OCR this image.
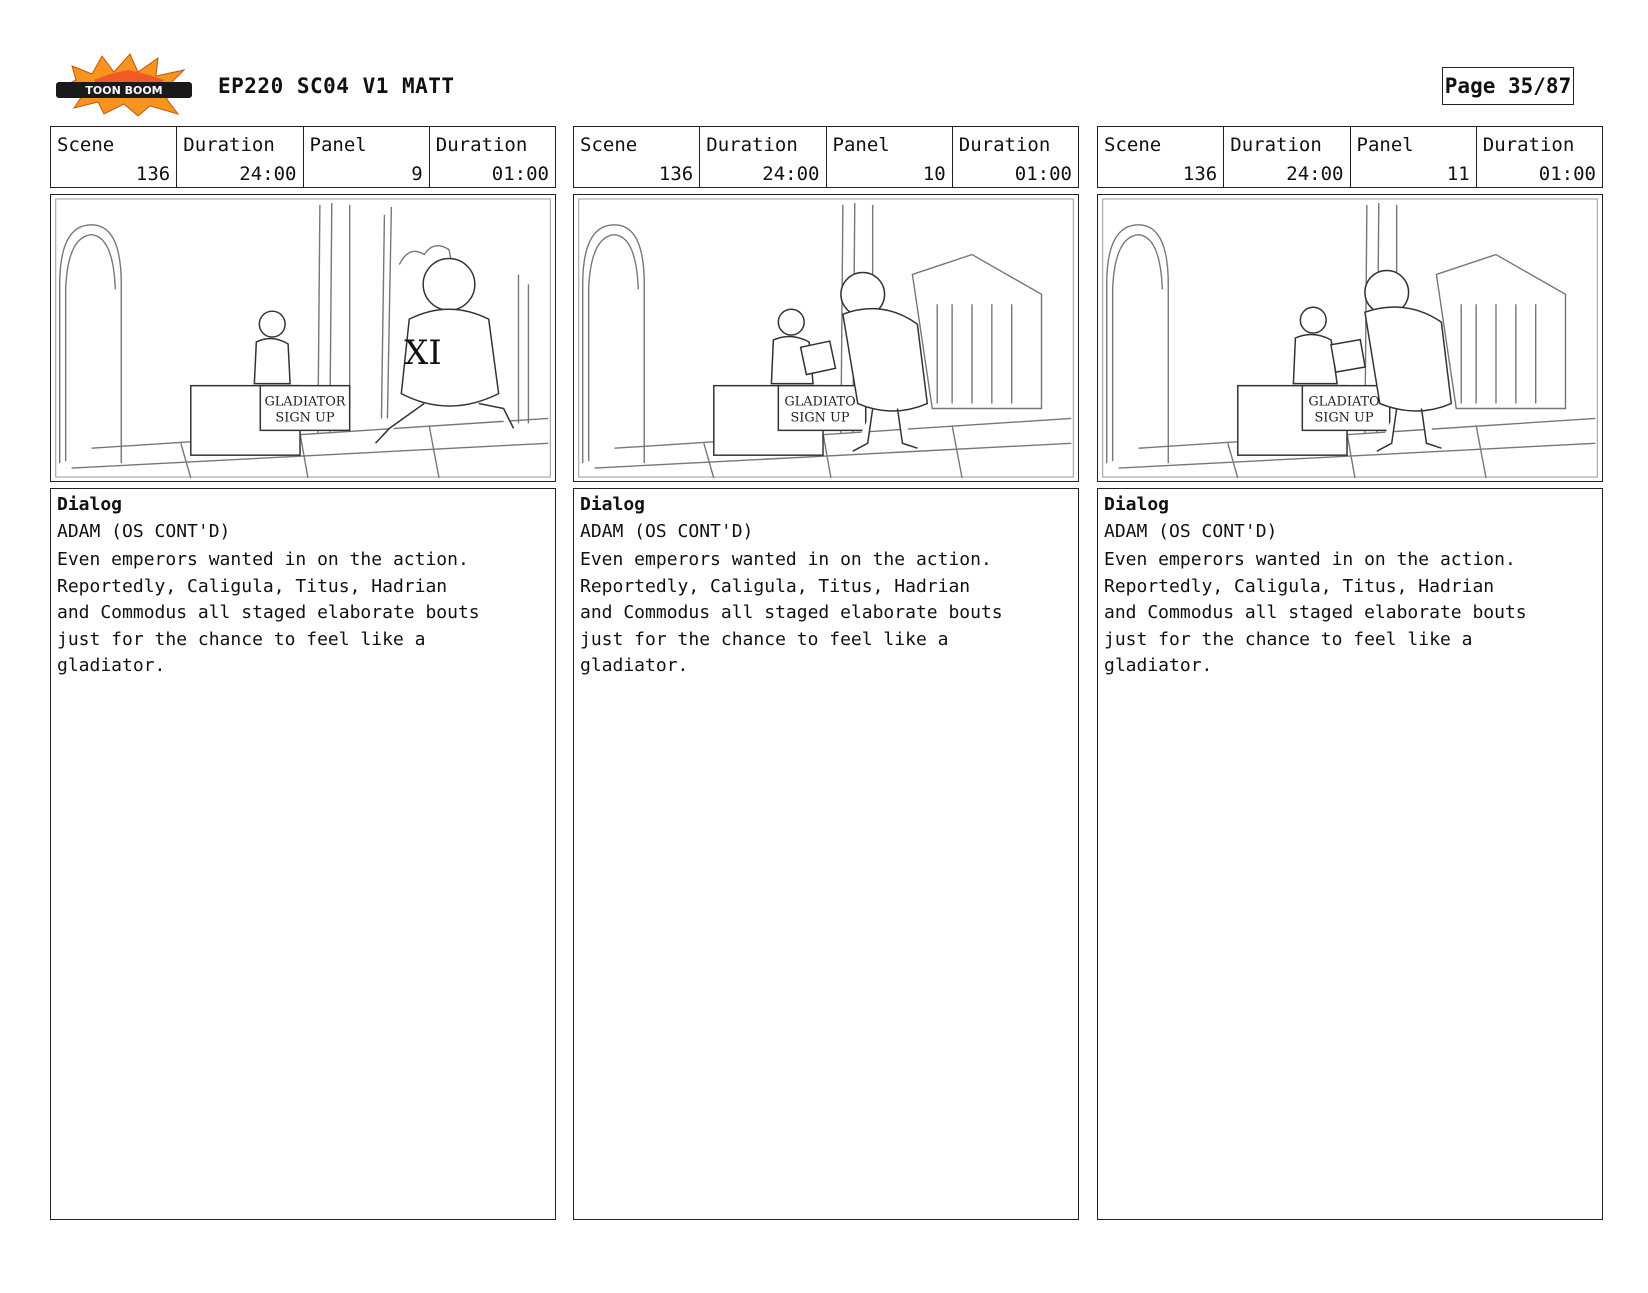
TOON BOOM	EP220 SC04 V1 MATT	Page 35/87
Scene
136
Duration
24:00
Panel
9
Duration
01:00
XI
GLADIATOR
SIGN UP
Dialog
ADAM (OS CONT'D)
Even emperors wanted in on the action.
Reportedly, Caligula, Titus, Hadrian
and Commodus all staged elaborate bouts
just for the chance to feel like a
gladiator.
Scene
136
Duration
24:00
Panel
10
Duration
01:00
GLADIATO
SIGN UP
Dialog
ADAM (OS CONT'D)
Even emperors wanted in on the action.
Reportedly, Caligula, Titus, Hadrian
and Commodus all staged elaborate bouts
just for the chance to feel like a
gladiator.
Scene
136
Duration
24:00
Panel
11
Duration
01:00
GLADIATO
SIGN UP
Dialog
ADAM (OS CONT'D)
Even emperors wanted in on the action.
Reportedly, Caligula, Titus, Hadrian
and Commodus all staged elaborate bouts
just for the chance to feel like a
gladiator.
